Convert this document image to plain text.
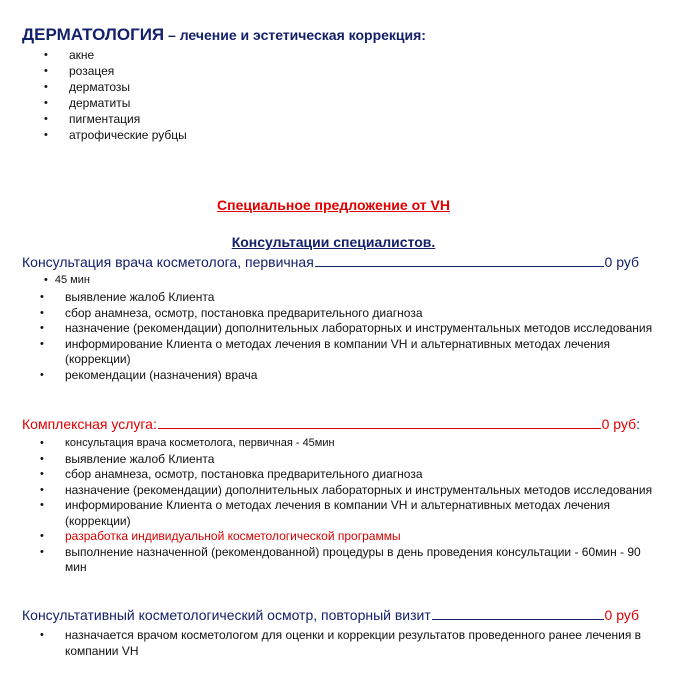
ДЕРМАТОЛОГИЯ – лечение и эстетическая коррекция:
• акне
• розацея
• дерматозы
• дерматиты
• пигментация
• атрофические рубцы
Специальное предложение от VH
Консультации специалистов.
Консультация врача косметолога, первичная	0 руб
• 45 мин
• выявление жалоб Клиента
• сбор анамнеза, осмотр, постановка предварительного диагноза
• назначение (рекомендации) дополнительных лабораторных и инструментальных методов исследования
• информирование Клиента о методах лечения в компании VH и альтернативных методах лечения (коррекции)
• рекомендации (назначения) врача
Комплексная услуга:	0 руб :
• консультация врача косметолога, первичная - 45мин
• выявление жалоб Клиента
• сбор анамнеза, осмотр, постановка предварительного диагноза
• назначение (рекомендации) дополнительных лабораторных и инструментальных методов исследования
• информирование Клиента о методах лечения в компании VH и альтернативных методах лечения (коррекции)
• разработка индивидуальной косметологической программы
• выполнение назначенной (рекомендованной) процедуры в день проведения консультации - 60мин - 90 мин
Консультативный косметологический осмотр, повторный визит	0 руб
• назначается врачом косметологом для оценки и коррекции результатов проведенного ранее лечения в компании VH
